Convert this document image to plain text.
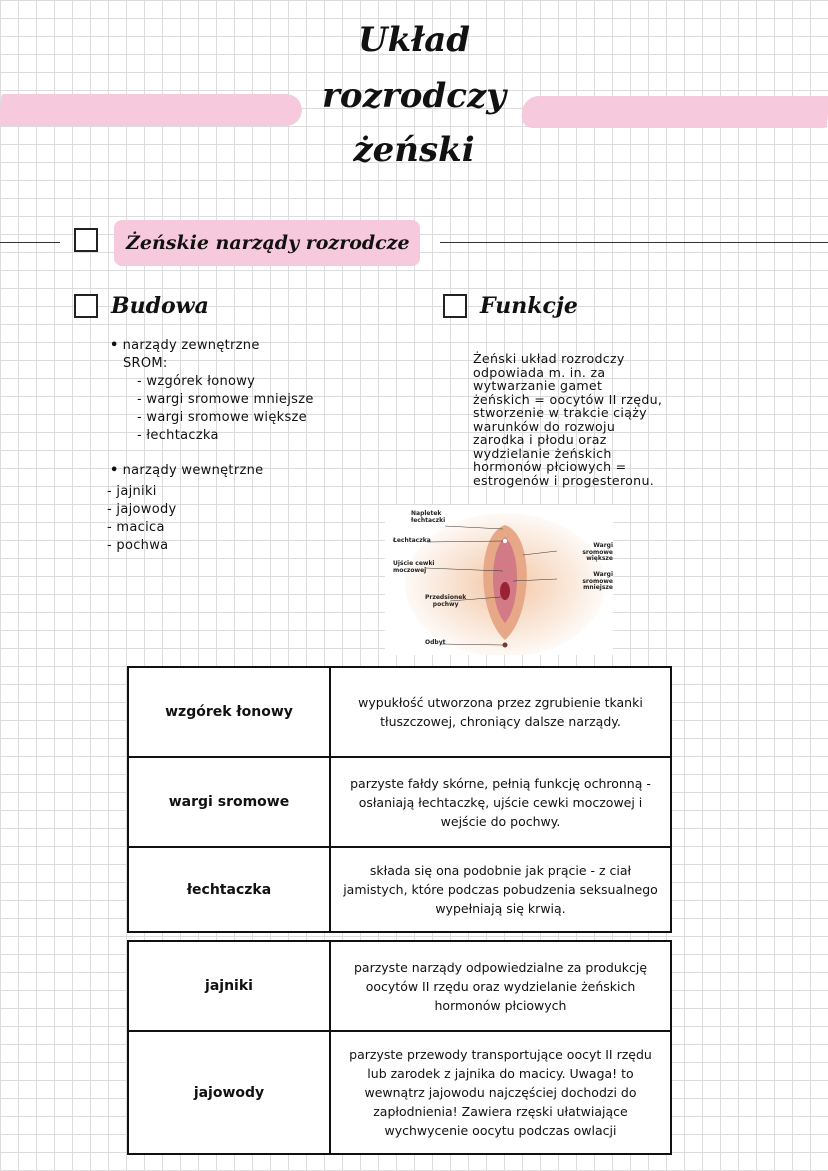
Układ
rozrodczy
żeński
Żeńskie narządy rozrodcze
Budowa
• narządy zewnętrzne
SROM:
- wzgórek łonowy
- wargi sromowe mniejsze
- wargi sromowe większe
- łechtaczka
• narządy wewnętrzne
- jajniki
- jajowody
- macica
- pochwa
Funkcje
Żeński układ rozrodczy
odpowiada m. in. za
wytwarzanie gamet
żeńskich = oocytów II rzędu,
stworzenie w trakcie ciąży
warunków do rozwoju
zarodka i płodu oraz
wydzielanie żeńskich
hormonów płciowych =
estrogenów i progesteronu.
Napletek
łechtaczki
Łechtaczka
Ujście cewki
moczowej
Przedsionek
pochwy
Odbyt
Wargi sromowe
większe
Wargi sromowe
mniejsze
wzgórek łonowy	wypukłość utworzona przez zgrubienie tkanki tłuszczowej, chroniący dalsze narządy.
wargi sromowe	parzyste fałdy skórne, pełnią funkcję ochronną - osłaniają łechtaczkę, ujście cewki moczowej i wejście do pochwy.
łechtaczka	składa się ona podobnie jak prącie - z ciał jamistych, które podczas pobudzenia seksualnego wypełniają się krwią.
jajniki	parzyste narządy odpowiedzialne za produkcję oocytów II rzędu oraz wydzielanie żeńskich hormonów płciowych
jajowody	parzyste przewody transportujące oocyt II rzędu lub zarodek z jajnika do macicy. Uwaga! to wewnątrz jajowodu najczęściej dochodzi do zapłodnienia! Zawiera rzęski ułatwiające wychwycenie oocytu podczas owlacji
